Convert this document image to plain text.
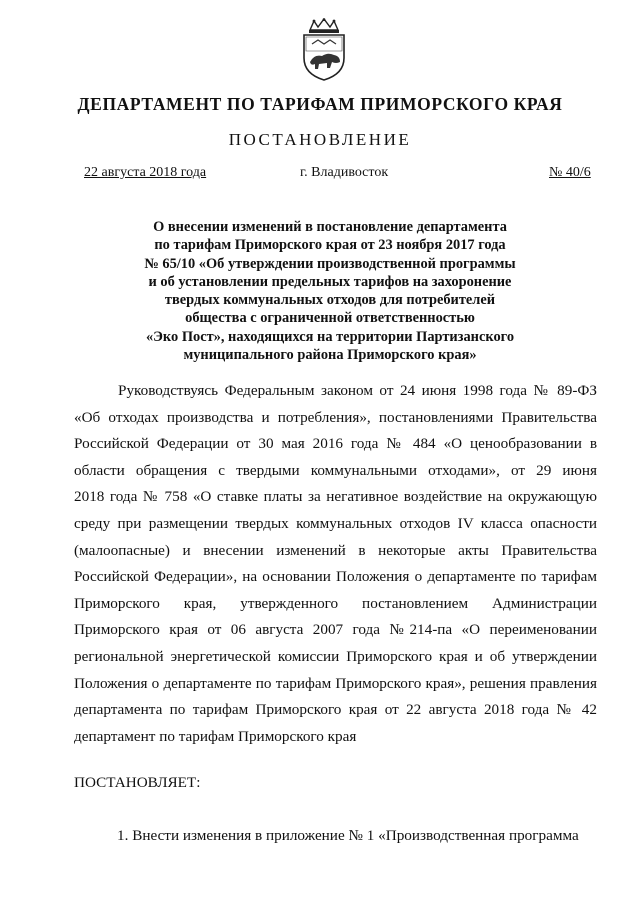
ДЕПАРТАМЕНТ ПО ТАРИФАМ ПРИМОРСКОГО КРАЯ
ПОСТАНОВЛЕНИЕ
22 августа 2018 года	г. Владивосток	№ 40/6
О внесении изменений в постановление департамента
по тарифам Приморского края от 23 ноября 2017 года
№ 65/10 «Об утверждении производственной программы
и об установлении предельных тарифов на захоронение
твердых коммунальных отходов для потребителей
общества с ограниченной ответственностью
«Эко Пост», находящихся на территории Партизанского
муниципального района Приморского края»
Руководствуясь Федеральным законом от 24 июня 1998 года № 89-ФЗ
«Об отходах производства и потребления», постановлениями Правительства
Российской Федерации от 30 мая 2016 года № 484 «О ценообразовании в
области обращения с твердыми коммунальными отходами», от 29 июня
2018 года № 758 «О ставке платы за негативное воздействие на окружающую
среду при размещении твердых коммунальных отходов IV класса опасности
(малоопасные) и внесении изменений в некоторые акты Правительства
Российской Федерации», на основании Положения о департаменте по тарифам
Приморского края, утвержденного постановлением Администрации
Приморского края от 06 августа 2007 года №214-па «О переименовании
региональной энергетической комиссии Приморского края и об утверждении
Положения о департаменте по тарифам Приморского края», решения правления
департамента по тарифам Приморского края от 22 августа 2018 года № 42
департамент по тарифам Приморского края
ПОСТАНОВЛЯЕТ:
1. Внести изменения в приложение № 1 «Производственная программа
